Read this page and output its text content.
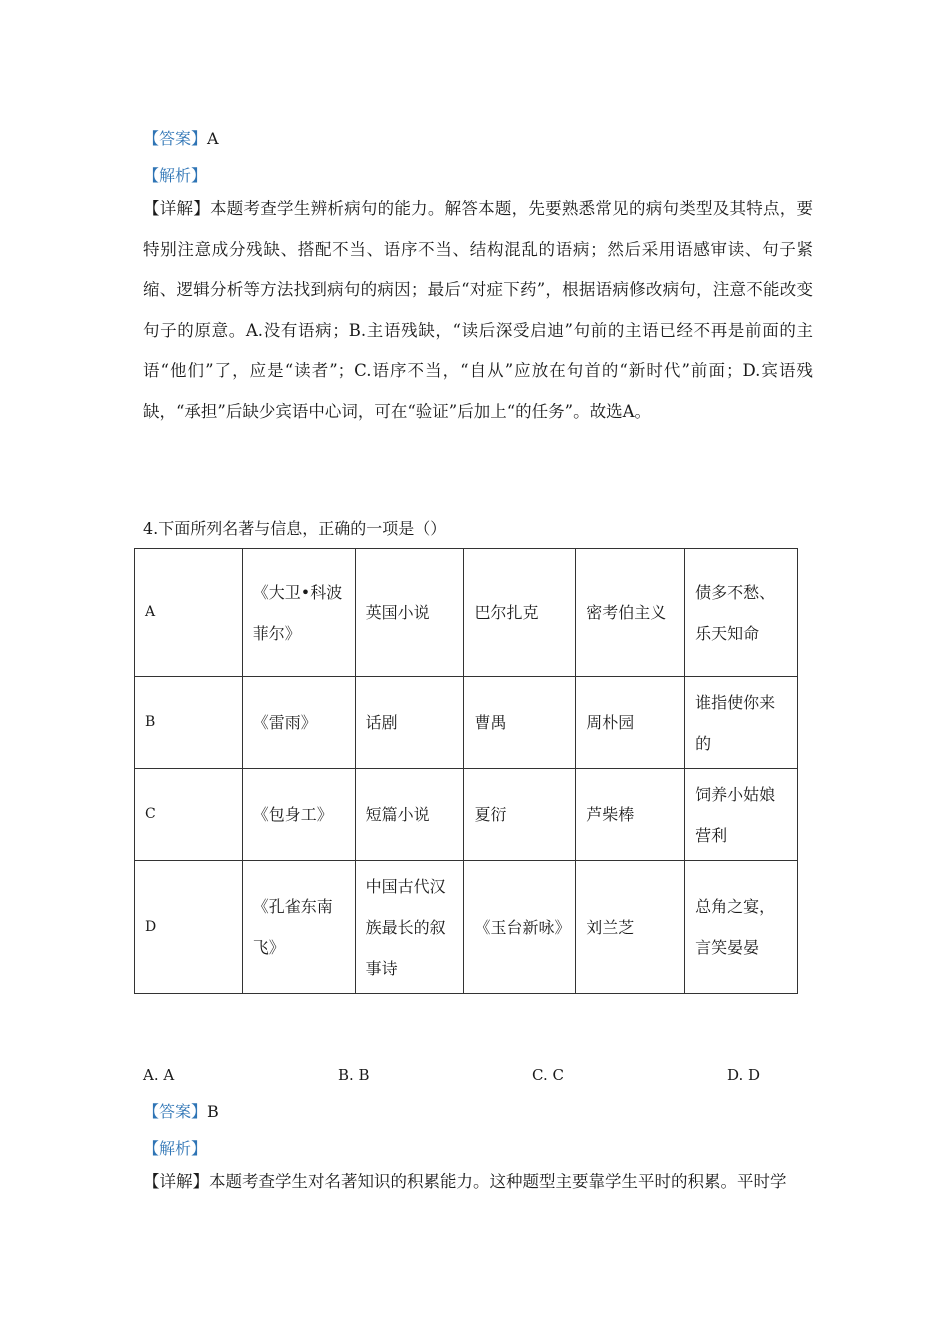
【答案】A
【解析】

【详解】本题考查学生辨析病句的能力。解答本题，先要熟悉常见的病句类型及其特点，要特别注意成分残缺、搭配不当、语序不当、结构混乱的语病；然后采用语感审读、句子紧缩、逻辑分析等方法找到病句的病因；最后“对症下药”，根据语病修改病句，注意不能改变句子的原意。A.没有语病；B.主语残缺，“读后深受启迪”句前的主语已经不再是前面的主语“他们”了，应是“读者”；C.语序不当，“自从”应放在句首的“新时代”前面；D.宾语残缺，“承担”后缺少宾语中心词，可在“验证”后加上“的任务”。故选A。

4.下面所列名著与信息，正确的一项是（）
A	《大卫•科波菲尔》	英国小说	巴尔扎克	密考伯主义	债多不愁、乐天知命
B	《雷雨》	话剧	曹禺	周朴园	谁指使你来的
C	《包身工》	短篇小说	夏衍	芦柴棒	饲养小姑娘营利
D	《孔雀东南飞》	中国古代汉族最长的叙事诗	《玉台新咏》	刘兰芝	总角之宴，言笑晏晏
A. A	B. B	C. C	D. D
【答案】B
【解析】

【详解】本题考查学生对名著知识的积累能力。这种题型主要靠学生平时的积累。平时学
